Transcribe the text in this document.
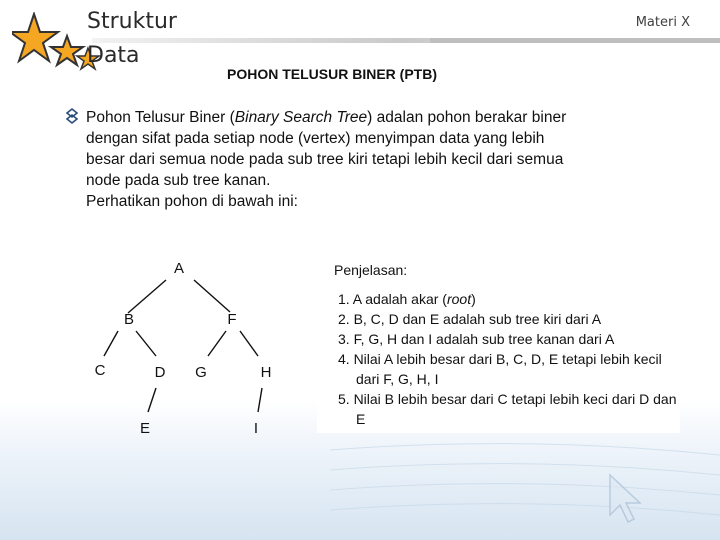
Struktur
Data
Materi X
POHON TELUSUR BINER (PTB)
Pohon Telusur Biner (Binary Search Tree) adalan pohon berakar biner
dengan sifat pada setiap node (vertex) menyimpan data yang lebih
besar dari semua node pada sub tree kiri tetapi lebih kecil dari semua
node pada sub tree kanan.
Perhatikan pohon di bawah ini:
A
B	F
C	D	G	H
E	I
Penjelasan:
1. A adalah akar (root)
2. B, C, D dan E adalah sub tree kiri dari A
3. F, G, H dan I adalah sub tree kanan dari A
4. Nilai A lebih besar dari B, C, D, E tetapi lebih kecil dari F, G, H, I
5. Nilai B lebih besar dari C tetapi lebih keci dari D dan E
